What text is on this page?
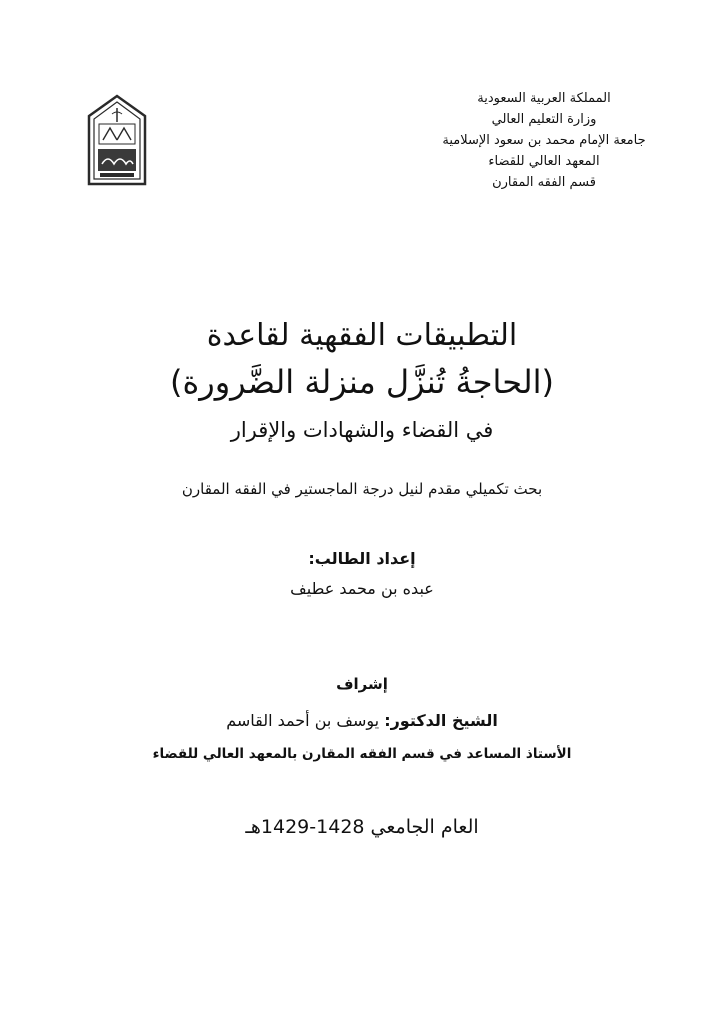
المملكة العربية السعودية
وزارة التعليم العالي
جامعة الإمام محمد بن سعود الإسلامية
المعهد العالي للقضاء
قسم الفقه المقارن
التطبيقات الفقهية لقاعدة
(الحاجةُ تُنزَّل منزلة الضَّرورة)
في القضاء والشهادات والإقرار
بحث تكميلي مقدم لنيل درجة الماجستير في الفقه المقارن
إعداد الطالب:
عبده بن محمد عطيف
إشراف
الشيخ الدكتور: يوسف بن أحمد القاسم
الأستاذ المساعد في قسم الفقه المقارن بالمعهد العالي للقضاء
العام الجامعي 1428-1429هـ
